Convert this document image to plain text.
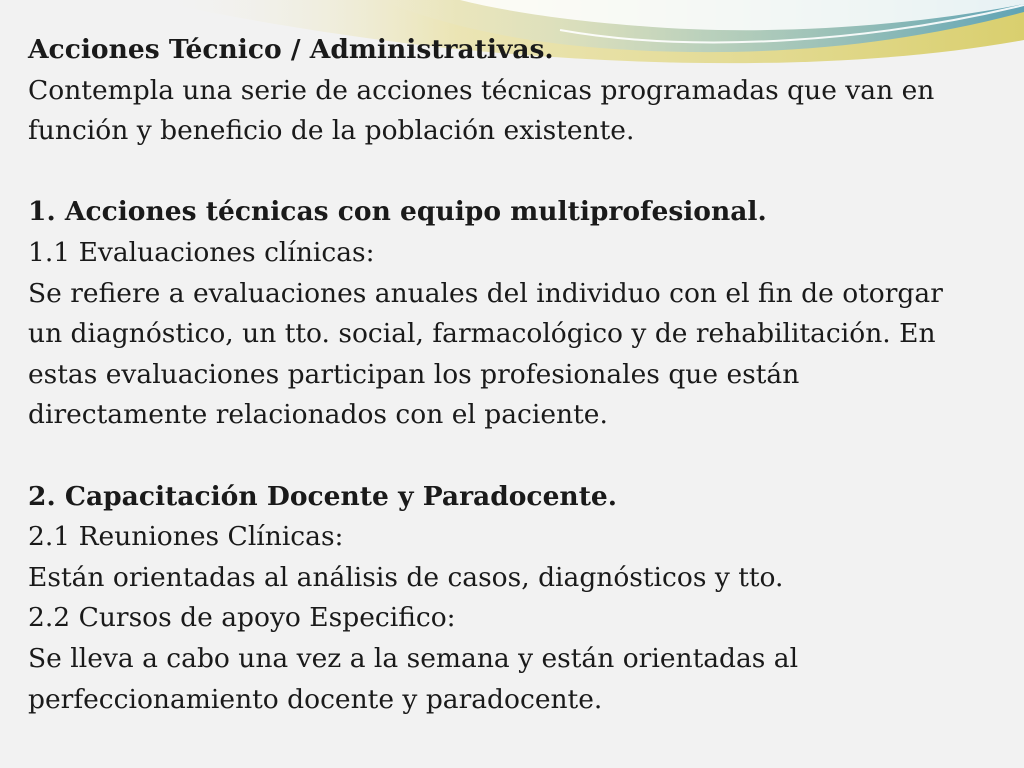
Acciones Técnico / Administrativas.
Contempla una serie de acciones técnicas programadas que van en
función y beneficio de la población existente.
1. Acciones técnicas con equipo multiprofesional.
1.1 Evaluaciones clínicas:
Se refiere a evaluaciones anuales del individuo con el fin de otorgar
un diagnóstico, un tto. social, farmacológico y de rehabilitación. En
estas evaluaciones participan los profesionales que están
directamente relacionados con el paciente.
2. Capacitación Docente y Paradocente.
2.1 Reuniones Clínicas:
Están orientadas al análisis de casos, diagnósticos y tto.
2.2 Cursos de apoyo Especifico:
Se lleva a cabo una vez a la semana y están orientadas al
perfeccionamiento docente y paradocente.
